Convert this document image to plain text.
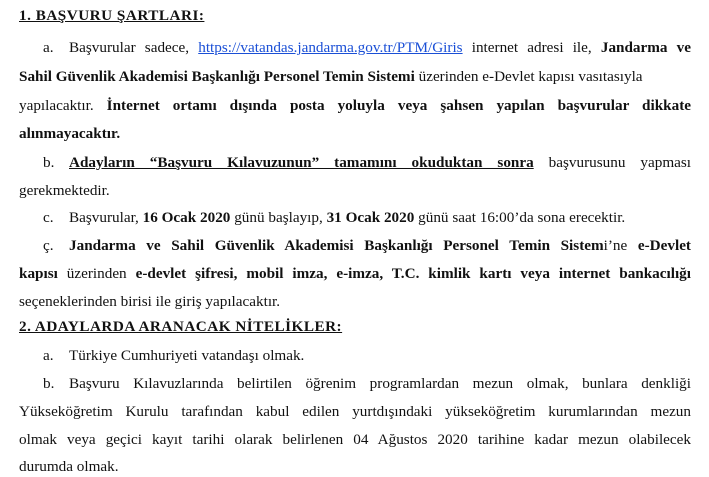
1. BAŞVURU ŞARTLARI:
a. Başvurular sadece, https://vatandas.jandarma.gov.tr/PTM/Giris internet adresi ile, Jandarma ve
Sahil Güvenlik Akademisi Başkanlığı Personel Temin Sistemi üzerinden e-Devlet kapısı vasıtasıyla
yapılacaktır. İnternet ortamı dışında posta yoluyla veya şahsen yapılan başvurular dikkate
alınmayacaktır.
b. Adayların “Başvuru Kılavuzunun” tamamını okuduktan sonra başvurusunu yapması
gerekmektedir.
c. Başvurular, 16 Ocak 2020 günü başlayıp, 31 Ocak 2020 günü saat 16:00’da sona erecektir.
ç. Jandarma ve Sahil Güvenlik Akademisi Başkanlığı Personel Temin Sistemi’ne e-Devlet
kapısı üzerinden e-devlet şifresi, mobil imza, e-imza, T.C. kimlik kartı veya internet bankacılığı
seçeneklerinden birisi ile giriş yapılacaktır.
2. ADAYLARDA ARANACAK NİTELİKLER:
a. Türkiye Cumhuriyeti vatandaşı olmak.
b. Başvuru Kılavuzlarında belirtilen öğrenim programlardan mezun olmak, bunlara denkliği
Yükseköğretim Kurulu tarafından kabul edilen yurtdışındaki yükseköğretim kurumlarından mezun
olmak veya geçici kayıt tarihi olarak belirlenen 04 Ağustos 2020 tarihine kadar mezun olabilecek
durumda olmak.
